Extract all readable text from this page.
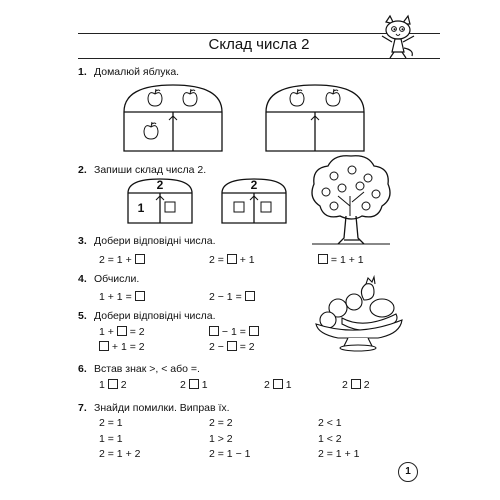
Склад числа 2
1. Домалюй яблука.
2. Запиши склад числа 2.
2
1
2
3. Добери відповідні числа.
2 = 1 +	2 = + 1	= 1 + 1
4. Обчисли.
1 + 1 =	2 − 1 =
5. Добери відповідні числа.
1 + = 2	− 1 =
+ 1 = 2	2 − = 2
6. Встав знак >, < або =.
1 2	2 1	2 1	2 2
7. Знайди помилки. Виправ їх.
2 = 1	2 = 2	2 < 1
1 = 1	1 > 2	1 < 2
2 = 1 + 2	2 = 1 − 1	2 = 1 + 1
1
